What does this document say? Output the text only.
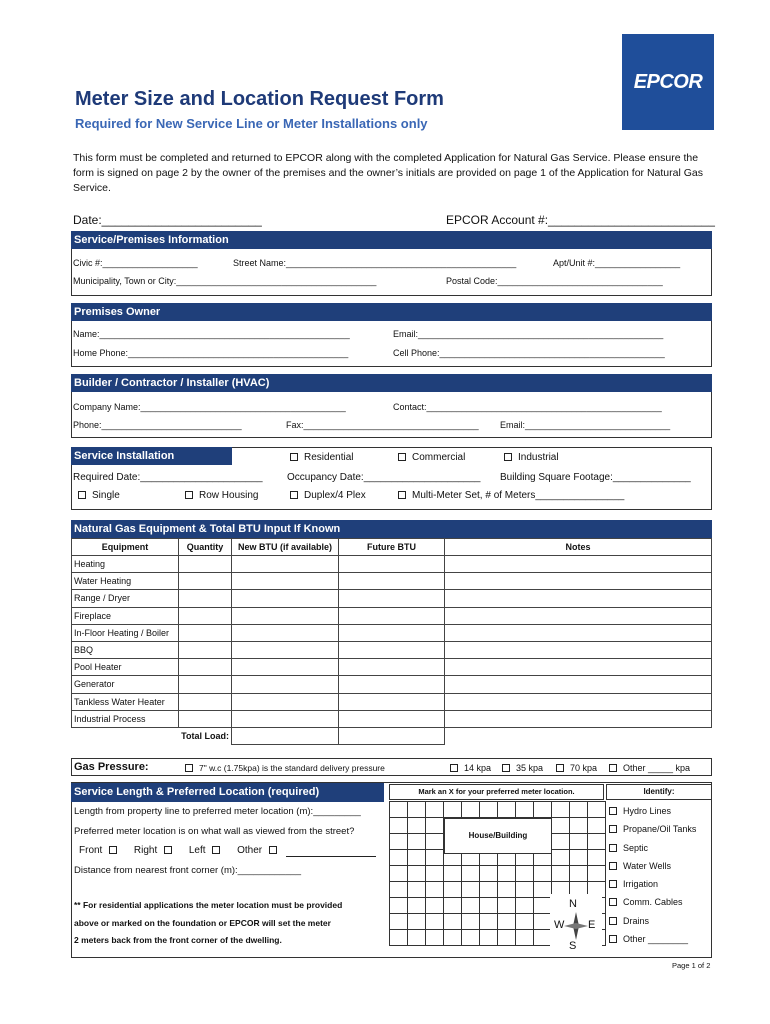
EPCOR
Meter Size and Location Request Form
Required for New Service Line or Meter Installations only
This form must be completed and returned to EPCOR along with the completed Application for Natural Gas Service. Please ensure the form is signed on page 2 by the owner of the premises and the owner’s initials are provided on page 1 of the Application for Natural Gas Service.
Date:________________________	EPCOR Account #:_________________________
Service/Premises Information
Civic #:___________________	Street Name:______________________________________________	Apt/Unit #:_________________
Municipality, Town or City:________________________________________	Postal Code:_________________________________
Premises Owner
Name:__________________________________________________	Email:_________________________________________________
Home Phone:____________________________________________	Cell Phone:_____________________________________________
Builder / Contractor / Installer (HVAC)
Company Name:_________________________________________	Contact:_______________________________________________
Phone:____________________________	Fax:___________________________________ Email:_____________________________
Service Installation	Residential	Commercial	Industrial
Required Date:______________________ Occupancy Date:_____________________ Building Square Footage:______________
Single	Row Housing	Duplex/4 Plex	Multi-Meter Set, # of Meters________________
Natural Gas Equipment & Total BTU Input If Known
Equipment	Quantity	New BTU (if available)	Future BTU	Notes
Heating				
Water Heating				
Range / Dryer				
Fireplace				
In-Floor Heating / Boiler				
BBQ				
Pool Heater				
Generator				
Tankless Water Heater				
Industrial Process				
Total Load:				
Gas Pressure:	7" w.c (1.75kpa) is the standard delivery pressure	14 kpa	35 kpa	70 kpa	Other _____ kpa
Service Length & Preferred Location (required)
Length from property line to preferred meter location (m):_________
Preferred meter location is on what wall as viewed from the street?
Front	Right	Left	Other
Distance from nearest front corner (m):____________
** For residential applications the meter location must be provided
above or marked on the foundation or EPCOR will set the meter
2 meters back from the front corner of the dwelling.
Mark an X for your preferred meter location.

House/Building
N
S
W E
Identify:
Hydro Lines
Propane/Oil Tanks
Septic
Water Wells
Irrigation
Comm. Cables
Drains
Other ________
Page 1 of 2
